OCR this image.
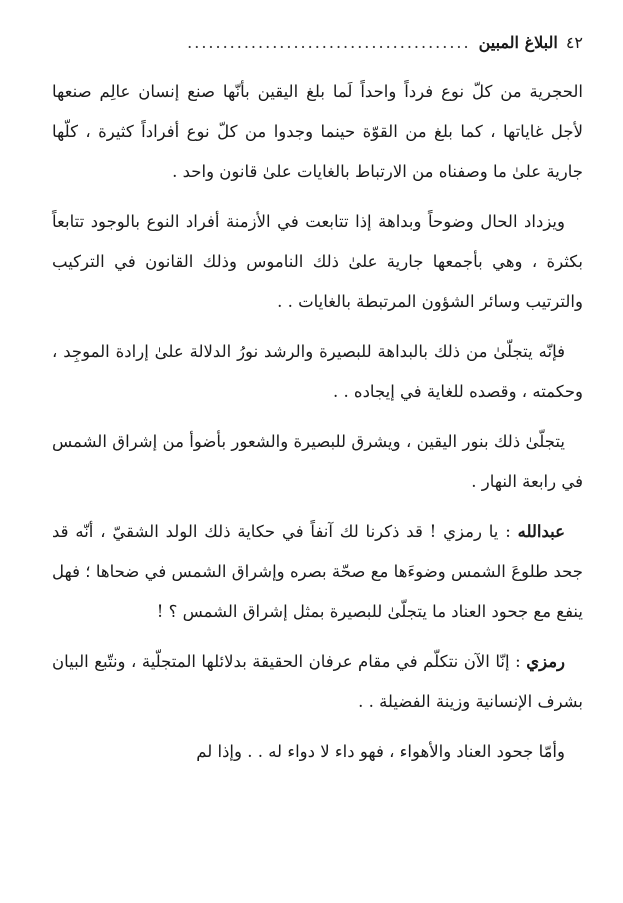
٤٢
البلاغ المبين
........................................

الحجرية من كلّ نوع فرداً واحداً لَما بلغ اليقين بأنّها صنع إنسان عالِم صنعها لأجل غاياتها ، كما بلغ من القوّة حينما وجدوا من كلّ نوع أفراداً كثيرة ، كلّها جارية علىٰ ما وصفناه من الارتباط بالغايات علىٰ قانون واحد .

ويزداد الحال وضوحاً وبداهة إذا تتابعت في الأزمنة أفراد النوع بالوجود تتابعاً بكثرة ، وهي بأجمعها جارية علىٰ ذلك الناموس وذلك القانون في التركيب والترتيب وسائر الشؤون المرتبطة بالغايات . .

فإنّه يتجلّىٰ من ذلك بالبداهة للبصيرة والرشد نورُ الدلالة علىٰ إرادة الموجِد ، وحكمته ، وقصده للغاية في إيجاده . .

يتجلّىٰ ذلك بنور اليقين ، ويشرق للبصيرة والشعور بأضوأ من إشراق الشمس في رابعة النهار .

عبدالله : يا رمزي ! قد ذكرنا لك آنفاً في حكاية ذلك الولد الشقيّ ، أنّه قد جحد طلوعَ الشمس وضوءَها مع صحّة بصره وإشراق الشمس في ضحاها ؛ فهل ينفع مع جحود العناد ما يتجلّىٰ للبصيرة بمثل إشراق الشمس ؟ !

رمزي : إنّا الآن نتكلّم في مقام عرفان الحقيقة بدلائلها المتجلّية ، ونتّبع البيان بشرف الإنسانية وزينة الفضيلة . .

وأمّا جحود العناد والأهواء ، فهو داء لا دواء له . . وإذا لم
